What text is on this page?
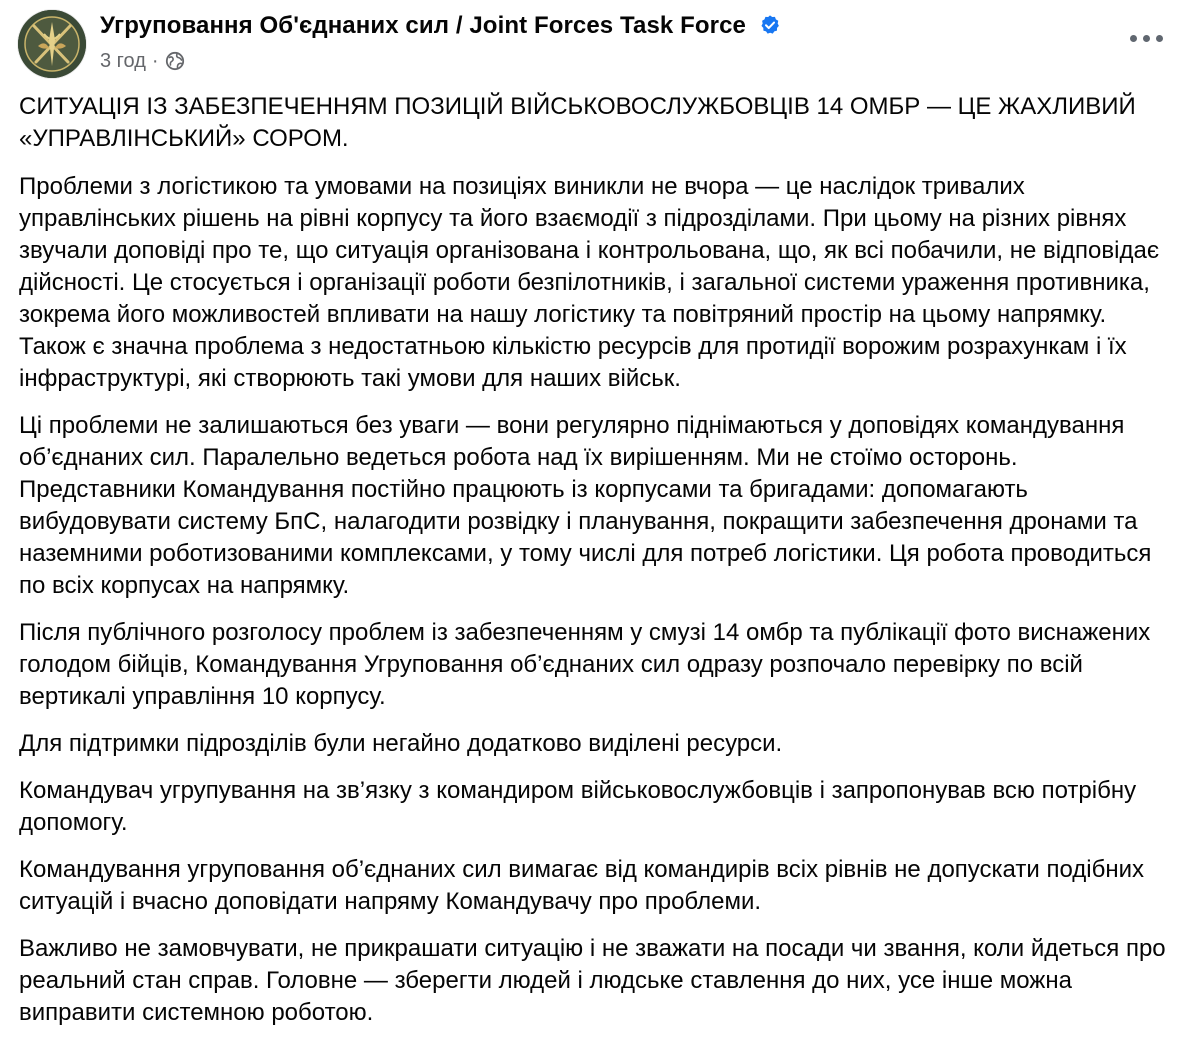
Угруповання Об'єднаних сил / Joint Forces Task Force
3 год ·

СИТУАЦІЯ ІЗ ЗАБЕЗПЕЧЕННЯМ ПОЗИЦІЙ ВІЙСЬКОВОСЛУЖБОВЦІВ 14 ОМБР — ЦЕ ЖАХЛИВИЙ «УПРАВЛІНСЬКИЙ» СОРОМ.

Проблеми з логістикою та умовами на позиціях виникли не вчора — це наслідок тривалих управлінських рішень на рівні корпусу та його взаємодії з підрозділами. При цьому на різних рівнях звучали доповіді про те, що ситуація організована і контрольована, що, як всі побачили, не відповідає дійсності. Це стосується і організації роботи безпілотників, і загальної системи ураження противника, зокрема його можливостей впливати на нашу логістику та повітряний простір на цьому напрямку. Також є значна проблема з недостатньою кількістю ресурсів для протидії ворожим розрахункам і їх інфраструктурі, які створюють такі умови для наших військ.

Ці проблеми не залишаються без уваги — вони регулярно піднімаються у доповідях командування об’єднаних сил. Паралельно ведеться робота над їх вирішенням. Ми не стоїмо осторонь. Представники Командування постійно працюють із корпусами та бригадами: допомагають вибудовувати систему БпС, налагодити розвідку і планування, покращити забезпечення дронами та наземними роботизованими комплексами, у тому числі для потреб логістики. Ця робота проводиться по всіх корпусах на напрямку.

Після публічного розголосу проблем із забезпеченням у смузі 14 омбр та публікації фото виснажених голодом бійців, Командування Угруповання об’єднаних сил одразу розпочало перевірку по всій вертикалі управління 10 корпусу.

Для підтримки підрозділів були негайно додатково виділені ресурси.

Командувач угрупування на зв’язку з командиром військовослужбовців і запропонував всю потрібну допомогу.

Командування угруповання об’єднаних сил вимагає від командирів всіх рівнів не допускати подібних ситуацій і вчасно доповідати напряму Командувачу про проблеми.

Важливо не замовчувати, не прикрашати ситуацію і не зважати на посади чи звання, коли йдеться про реальний стан справ. Головне — зберегти людей і людське ставлення до них, усе інше можна виправити системною роботою.
